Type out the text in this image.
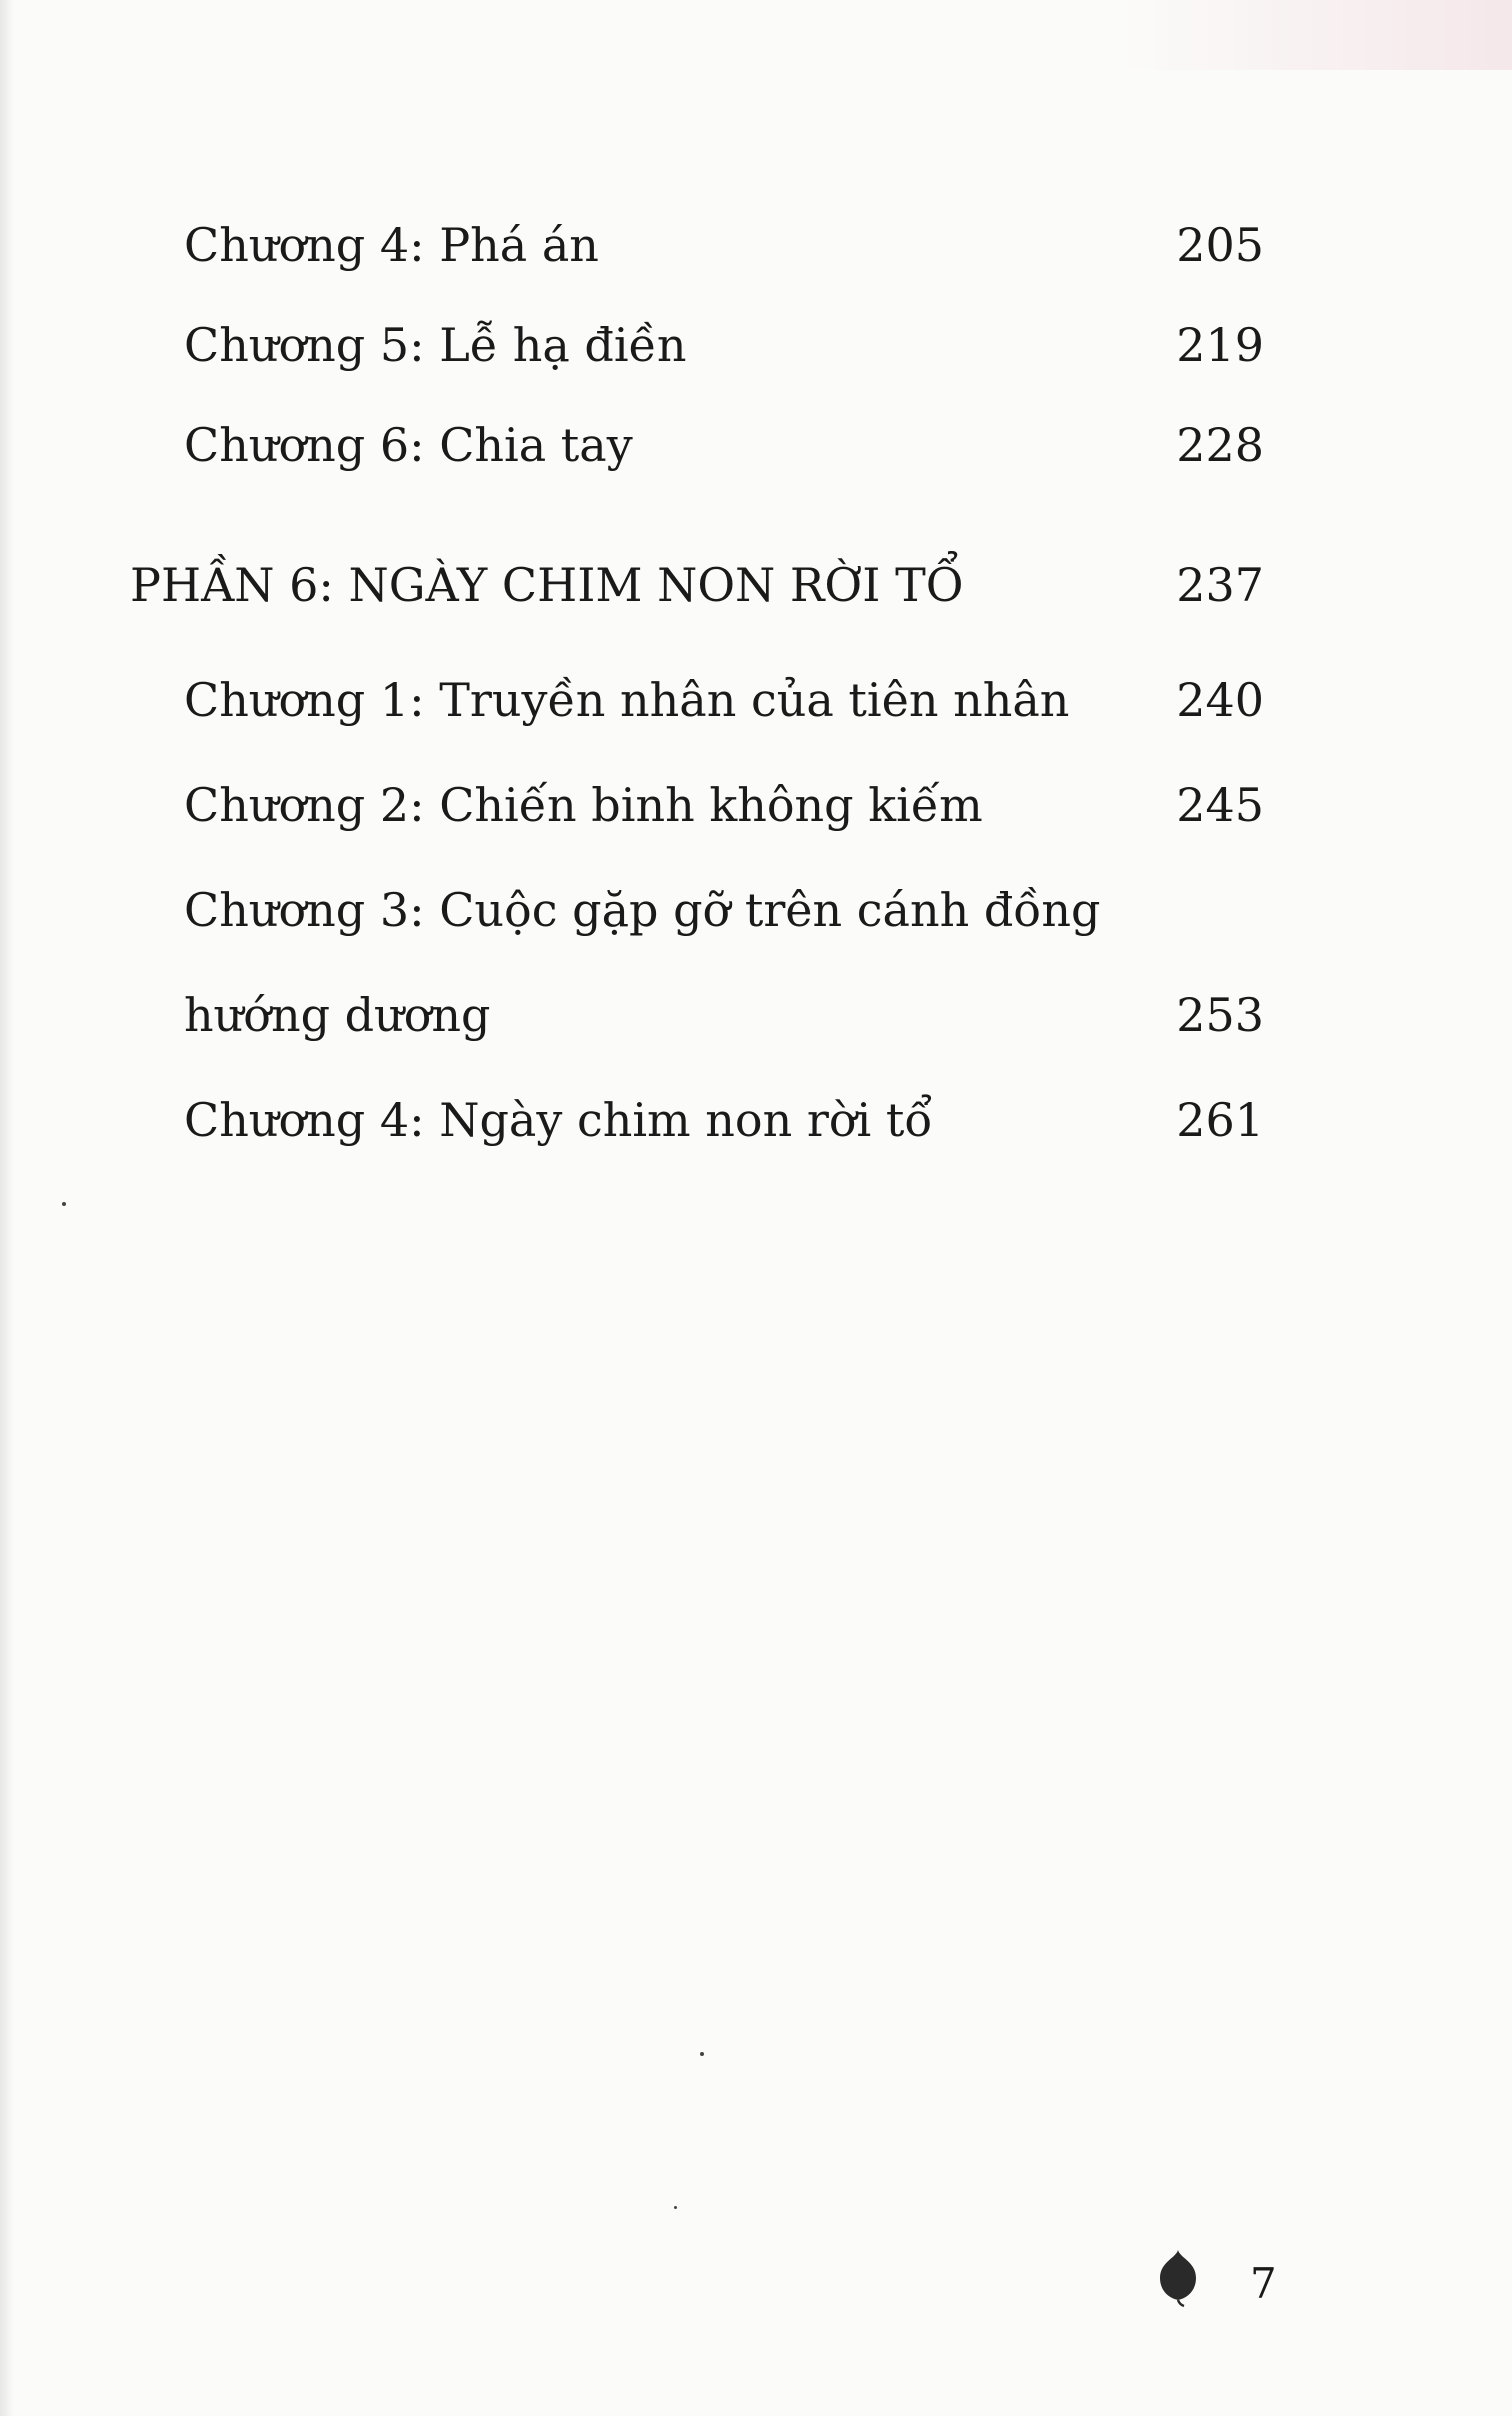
Chương 4: Phá án	205
Chương 5: Lễ hạ điền	219
Chương 6: Chia tay	228
PHẦN 6: NGÀY CHIM NON RỜI TỔ	237
Chương 1: Truyền nhân của tiên nhân 240
Chương 2: Chiến binh không kiếm	245
Chương 3: Cuộc gặp gỡ trên cánh đồng
hướng dương	253
Chương 4: Ngày chim non rời tổ	261
7
